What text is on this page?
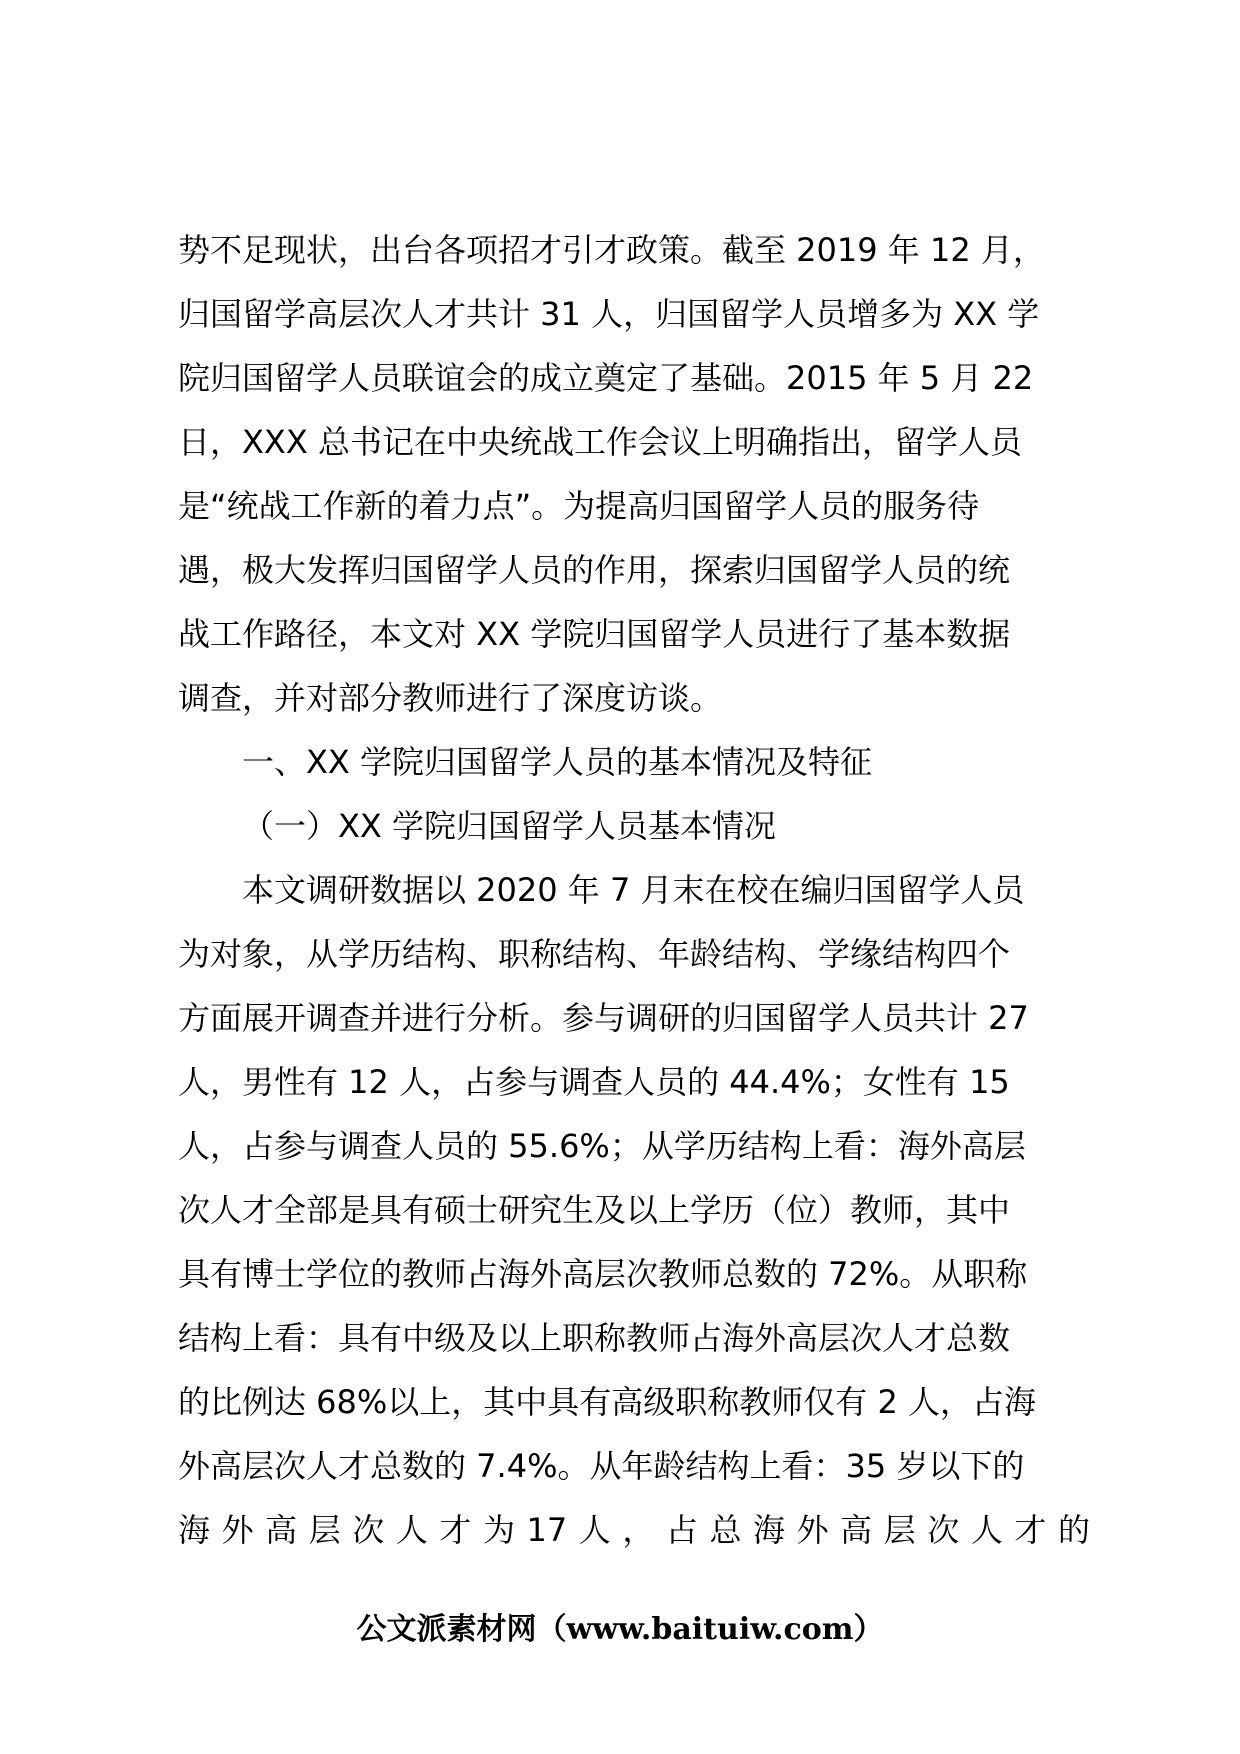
势不足现状，出台各项招才引才政策。截至 2019 年 12 月，
归国留学高层次人才共计 31 人，归国留学人员增多为 XX 学
院归国留学人员联谊会的成立奠定了基础。2015 年 5 月 22
日，XXX 总书记在中央统战工作会议上明确指出，留学人员
是“统战工作新的着力点”。为提高归国留学人员的服务待
遇，极大发挥归国留学人员的作用，探索归国留学人员的统
战工作路径，本文对 XX 学院归国留学人员进行了基本数据
调查，并对部分教师进行了深度访谈。
一、XX 学院归国留学人员的基本情况及特征
（一）XX 学院归国留学人员基本情况
本文调研数据以 2020 年 7 月末在校在编归国留学人员
为对象，从学历结构、职称结构、年龄结构、学缘结构四个
方面展开调查并进行分析。参与调研的归国留学人员共计 27
人，男性有 12 人，占参与调查人员的 44.4%；女性有 15
人，占参与调查人员的 55.6%；从学历结构上看：海外高层
次人才全部是具有硕士研究生及以上学历（位）教师，其中
具有博士学位的教师占海外高层次教师总数的 72%。从职称
结构上看：具有中级及以上职称教师占海外高层次人才总数
的比例达 68%以上，其中具有高级职称教师仅有 2 人，占海
外高层次人才总数的 7.4%。从年龄结构上看：35 岁以下的
海 外 高 层 次 人 才 为 17 人 ， 占 总 海 外 高 层 次 人 才 的
公文派素材网（www.baituiw.com）
